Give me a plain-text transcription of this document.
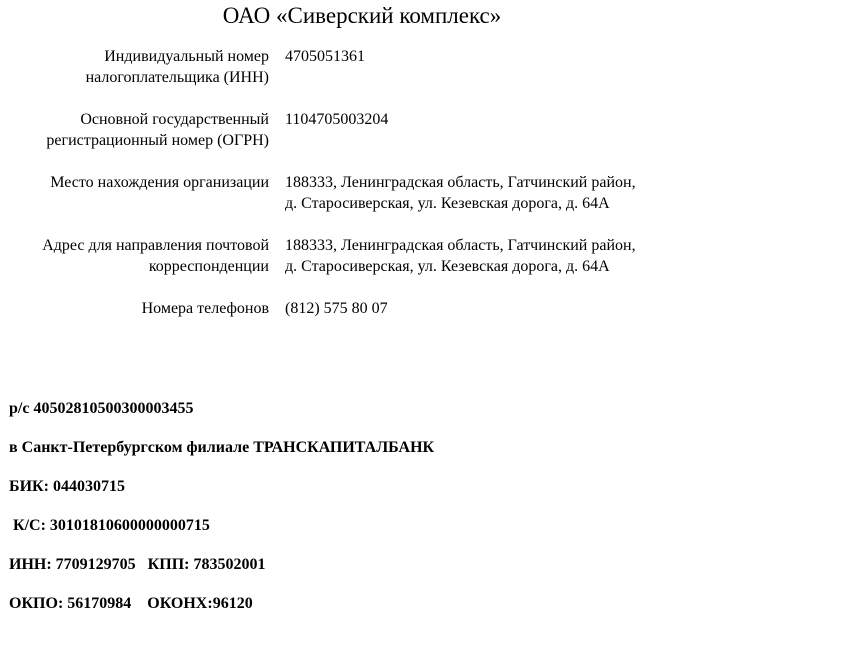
ОАО «Сиверский комплекс»
Индивидуальный номер налогоплательщика (ИНН)
4705051361
Основной государственный регистрационный номер (ОГРН)
1104705003204
Место нахождения организации 188333, Ленинградская область, Гатчинский район, д. Старосиверская, ул. Кезевская дорога, д. 64А
Адрес для направления почтовой корреспонденции
188333, Ленинградская область, Гатчинский район, д. Старосиверская, ул. Кезевская дорога, д. 64А
Номера телефонов (812) 575 80 07
р/с 40502810500300003455
в Санкт-Петербургском филиале ТРАНСКАПИТАЛБАНК
БИК: 044030715
К/С: 30101810600000000715
ИНН: 7709129705   КПП: 783502001
ОКПО: 56170984    ОКОНХ:96120
